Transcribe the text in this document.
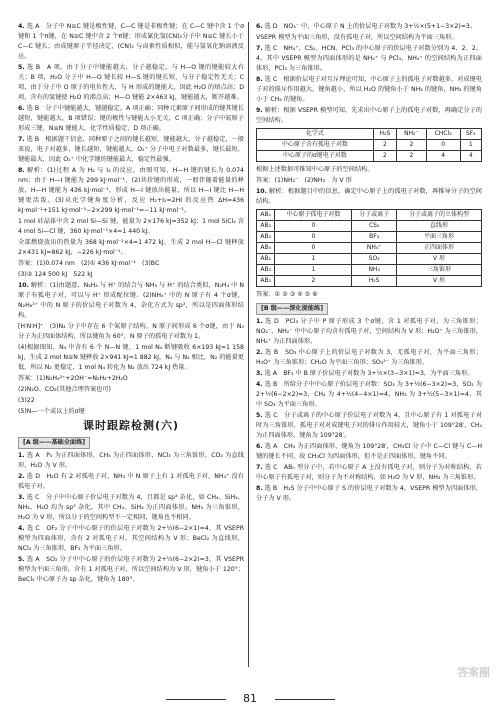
4. 选 A　分子中 N≡C 键是极性键，C—C 键是非极性键；在 C—C 键中含 1 个σ键和 1 个π键，在 N≡C 键中含 2 个π键；形成氰化氢(CN)₂分子中 N≡C 键长小于 C—C 键长；由成键原子半径决定，(CN)₂ 与卤素性质相似，能与氢氧化钠溶液反应。
5. 选 B　A 项，由于分子中键能越大，分子越稳定，与 H—O 键的键能较大有关；B 项，H₂O 分子中 H—O 键长较 H—S 键的键长短，与分子稳定性无关；C 项，由于分子中 O 原子的电负性大，与 H 形成的键能大，因此 H₂O 的熔点高；D 项，含有的氢键使 H₂O 的沸点高；H—O 键能 2×463 kJ，键能越大，断开越难。
6. 选 B　分子中键能越大，键越稳定，A 项正确；同种元素原子间形成的键其键长越短，键能越大，B 项错误；键的极性与键能大小无关，C 项正确；分子中氮原子形成三键，N≡N 键能大，化学性质稳定，D 项正确。
7. 选 B　根据题干信息，同种原子之间的键长越短，键能越大，分子越稳定，一般来说，电子对越多，键长越短，键能越大，O₂⁺ 分子中电子对数最多，键长最短，键能最大，因此 O₂⁺ 中化学键的键能最大，稳定性最强。
8. 解析：(1)过程 A 为 H₂ 与 I₂ 的反应，由图可知，H—H 键的键长为 0.074 nm；由于 H—I 键能为 299 kJ·mol⁻¹，(2)共价键的形成，一般伴随着能量的释放，H—H 键能为 436 kJ·mol⁻¹，形成 H—I 键放出能量，所以 H—I 键比 H—H 键更活泼。(3)从化学键角度分析，反应 H₂+I₂=2HI 的反应热 ΔH=436 kJ·mol⁻¹+151 kJ·mol⁻¹−2×299 kJ·mol⁻¹=−11 kJ·mol⁻¹。
1 mol 硅晶体中含 2 mol Si—Si 键，能量为 2×176 kJ=352 kJ；1 mol SiCl₄ 含 4 mol Si—Cl 键，360 kJ·mol⁻¹×4=1 440 kJ。
全部燃烧放出的热量为 368 kJ·mol⁻¹×4=1 472 kJ，生成 2 mol H—Cl 键释放 2×431 kJ=862 kJ，−226 kJ·mol⁻¹。
答案：(1)0.074 nm　(2)① 436 kJ·mol⁻¹　(3)BC
(3)② 124 500 kJ　522 kJ
10. 解析：(1)由题意，N₂H₄ 与 H⁺ 的结合与 NH₃ 与 H⁺ 的结合类似，N₂H₄ 中 N 原子有孤电子对，可以与 H⁺ 形成配位键。(2)NH₄⁺ 中的 N 原子有 4 个σ键，N₂H₆²⁺ 中的 N 原子的价层电子对数为 4，杂化方式为 sp³，所以是四面体形结构。
[H∶N∶H]⁺　(3)N₄ 分子中存在 6 个氮原子结构，N 原子间形成 6 个σ键，由于 N₄ 分子为正四面体结构，所以键角为 60°，N 原子的孤电子对数为 1。
(4)根据图知，N₄ 中含有 6 个 N—N 键，1 mol N₄ 断键吸收 6×193 kJ=1 158 kJ，生成 2 mol N≡N 键释放 2×941 kJ=1 882 kJ，N₄ 与 N₂ 相比，N₂ 的能量更低，所以 N₂ 更稳定，1 mol N₄ 转化为 N₂ 放出 724 kJ 热量。
答案：(1)N₂H₆²⁺+2OH⁻=N₂H₄+2H₂O
(2)N₂O、CO₂(其他合理答案也可)
(3)22
(5)N—一个或以上的σ键
课时跟踪检测(六)
[A 级——基础全面练]
1. 选 A　P₄ 为正四面体形，CH₄ 为正四面体形，NCl₃ 为三角锥形，CO₂ 为直线形，H₂O 为 V 形。
2. 选 D　H₂O 有 2 对孤电子对，NH₃ 中 N 原子上有 1 对孤电子对，NH₄⁺ 没有孤电子对。
3. 选 C　分子中中心原子价层电子对数为 4，且都是 sp³ 杂化，如 CH₄、SiH₄、NH₃、H₂O 均为 sp³ 杂化，其中 CH₄、SiH₄ 为正四面体形，NH₃ 为三角锥形，H₂O 为 V 形，所以分子的空间构型不一定相同，键角也不相同。
4. 选 C　OF₂ 分子中中心原子的价层电子对数为 2+½(6−2×1)=4，其 VSEPR 模型为四面体形，含有 2 对孤电子对，其空间结构为 V 形；BeCl₂ 为直线形，NCl₃ 为三角锥形，BF₃ 为平面三角形。
5. 选 A　SO₂ 分子中中心原子的价层电子对数为 2+½(6−2×2)=3，其 VSEPR 模型为平面三角形，含有 1 对孤电子对，所以空间结构为 V 形，键角小于 120°；BeCl₂ 中心原子为 sp 杂化，键角为 180°。
6. 选 D　NO₃⁻ 中，中心原子 N 上的价层电子对数为 3+½×(5+1−3×2)=3。
VSEPR 模型为平面三角形，没有孤电子对，所以空间结构为平面三角形。
7. 选 C　NH₄⁺、CS₂、HCN、PCl₃ 的中心原子的价层电子对数分别为 4、2、2、4，其中 VSEPR 模型为四面体形的是 NH₄⁺ 与 PCl₃，NH₄⁺ 的空间结构为正四面体形，PCl₃ 为三角锥形。
8. 选 C　根据价层电子对互斥理论可知，中心原子上的孤电子对数越多，对成键电子对的排斥作用越大，键角越小，所以 H₂O 的键角小于 NH₃ 的键角，NH₃ 的键角小于 CH₄ 的键角。
9. 解析：根据 VSEPR 模型可知，先求出中心原子上的孤电子对数，再确定分子的空间结构。
化学式	H₂S	NH₂⁻	CHCl₃	SF₄
中心原子含有孤电子对数	2	2	0	1
中心原子的σ键电子对数	2	2	4	4
根据上述数据可推知中心原子的空间结构。
答案：(1)NH₂⁻　(2)NH₃　为 V 形
10. 解析：根据题目中的信息，确定中心原子上的孤电子对数，再推导分子的空间结构。
ABₙ	中心原子孤电子对数	分子或离子	分子或离子的立体构型
AB₂	0	CS₂	直线形
AB₃	0	BF₃	平面三角形
AB₄	0	NH₄⁺	正四面体形
AB₂	1	SO₂	V 形
AB₃	1	NH₃	三角锥形
AB₂	2	H₂S	V 形
答案：① ② ③ ④ ⑤ ⑥
[B 级——深化提能练]
1. 选 D　PCl₃ 分子中 P 原子形成 3 个σ键，含 1 对孤电子对，为三角锥形；NO₂⁻、NH₂⁻ 中中心原子均含有孤电子对，空间结构为 V 形；H₃O⁺ 为三角锥形，NH₄⁺ 为正四面体形。
2. 选 B　SO₃ 中心原子上的价层电子对数为 3，无孤电子对，为平面三角形；H₃O⁺ 为三角锥形；CH₂O 为平面三角形；SO₃²⁻ 为三角锥形。
3. 选 A　BF₃ 中 B 原子价层电子对数为 3+½×(3−3×1)=3，为平面三角形。
4. 选 B　所给分子中中心原子价层电子对数：SO₃ 为 3+½(6−3×2)=3，SO₂ 为 2+½(6−2×2)=3，CH₄ 为 4+½(4−4×1)=4，NH₃ 为 3+½(5−3×1)=4，其中 SO₃ 为平面三角形。
5. 选 C　分子或离子的中心原子价层电子对数为 4，且中心原子有 1 对孤电子对时为三角锥形，孤电子对对成键电子对的排斥作用较大，键角小于 109°28′，CH₄ 为正四面体形，键角为 109°28′。
6. 选 A　CH₄ 为正四面体形，键角为 109°28′，CH₃Cl 分子中 C—Cl 键与 C—H 键的键长不同，故 CH₃Cl 为四面体形，但不是正四面体形，键角不同。
7. 选 C　ABₙ 型分子中，若中心原子 A 上没有孤电子对，则分子为对称结构，若中心原子有孤电子对，则分子为不对称结构，如 H₂O 为 V 形，NH₃ 为三角锥形。
8. 选 B　H₂S 分子中中心原子 S 的价层电子对数为 4，VSEPR 模型为四面体形，分子为 V 形。
81
答案圈
